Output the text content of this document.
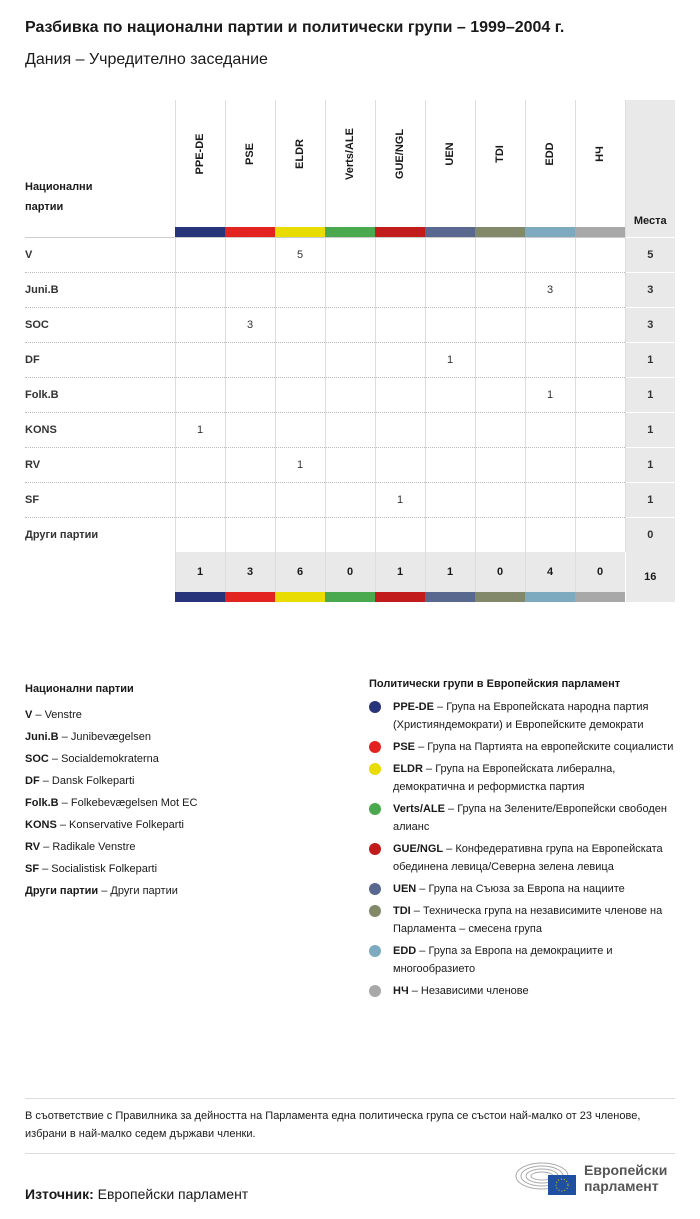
Разбивка по национални партии и политически групи – 1999–2004 г.
Дания – Учредително заседание
Национални партии	PPE-DE	PSE	ELDR	Verts/ALE	GUE/NGL	UEN	TDI	EDD	НЧ	Места

V			5							5
Juni.B								3		3
SOC		3								3
DF						1				1
Folk.B								1		1
KONS	1									1
RV			1							1
SF					1					1
Други партии										0
	1	3	6	0	1	1	0	4	0	16

Национални партии
V – Venstre
Juni.B – Junibevægelsen
SOC – Socialdemokraterna
DF – Dansk Folkeparti
Folk.B – Folkebevægelsen Mot EC
KONS – Konservative Folkeparti
RV – Radikale Venstre
SF – Socialistisk Folkeparti
Други партии – Други партии
Политически групи в Европейския парламент
PPE-DE – Група на Европейската народна партия (Християндемократи) и Европейските демократи
PSE – Група на Партията на европейските социалисти
ELDR – Група на Европейската либерална, демократична и реформистка партия
Verts/ALE – Група на Зелените/Европейски свободен алианс
GUE/NGL – Конфедеративна група на Европейската обединена левица/Северна зелена левица
UEN – Група на Съюза за Европа на нациите
TDI – Техническа група на независимите членове на Парламента – смесена група
EDD – Група за Европа на демокрациите и многообразието
НЧ – Независими членове
В съответствие с Правилника за дейността на Парламента една политическа група се състои най-малко от 23 членове, избрани в най-малко седем държави членки.
Източник: Европейски парламент
Европейски парламент
